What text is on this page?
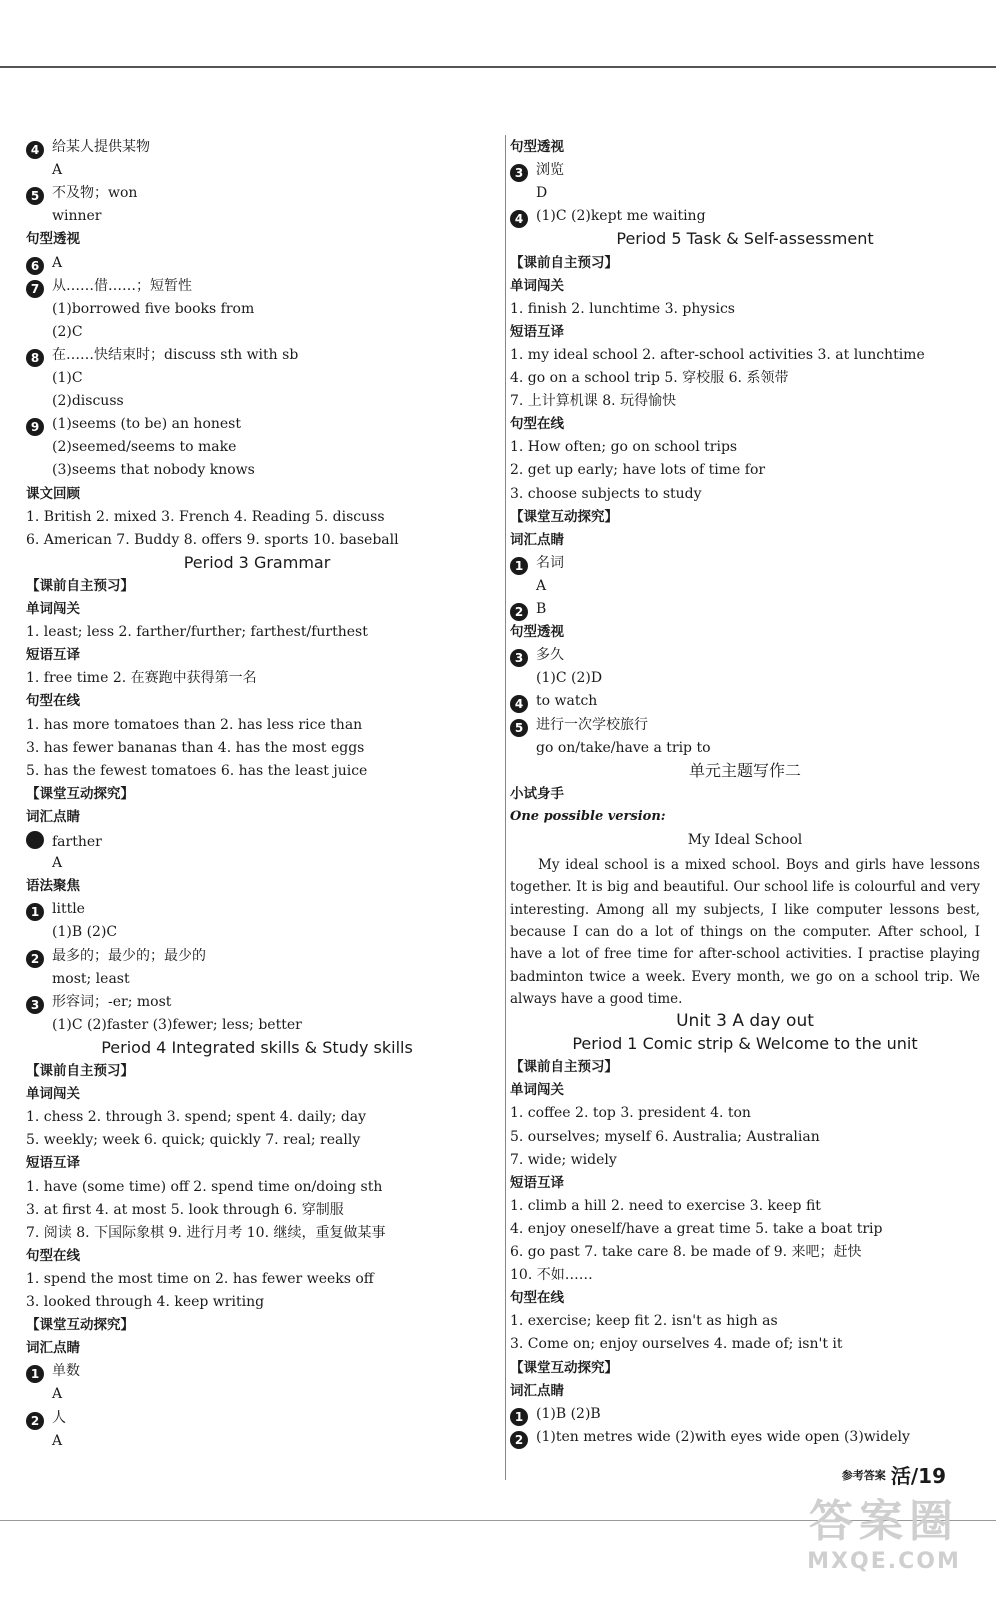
4 给某人提供某物
A
5 不及物；won
winner
句型透视
6 A
7 从……借……；短暂性
(1)borrowed five books from
(2)C
8 在……快结束时；discuss sth with sb
(1)C
(2)discuss
9 (1)seems (to be) an honest
(2)seemed/seems to make
(3)seems that nobody knows
课文回顾
1. British 2. mixed 3. French 4. Reading 5. discuss
6. American 7. Buddy 8. offers 9. sports 10. baseball
Period 3 Grammar
【课前自主预习】
单词闯关
1. least; less 2. farther/further; farthest/furthest
短语互译
1. free time 2. 在赛跑中获得第一名
句型在线
1. has more tomatoes than 2. has less rice than
3. has fewer bananas than 4. has the most eggs
5. has the fewest tomatoes 6. has the least juice
【课堂互动探究】
词汇点睛
farther
A
语法聚焦
1 little
(1)B (2)C
2 最多的；最少的；最少的
most; least
3 形容词；-er; most
(1)C (2)faster (3)fewer; less; better
Period 4 Integrated skills & Study skills
【课前自主预习】
单词闯关
1. chess 2. through 3. spend; spent 4. daily; day
5. weekly; week 6. quick; quickly 7. real; really
短语互译
1. have (some time) off 2. spend time on/doing sth
3. at first 4. at most 5. look through 6. 穿制服
7. 阅读 8. 下国际象棋 9. 进行月考 10. 继续，重复做某事
句型在线
1. spend the most time on 2. has fewer weeks off
3. looked through 4. keep writing
【课堂互动探究】
词汇点睛
1 单数
A
2 人
A
句型透视
3 浏览
D
4 (1)C (2)kept me waiting
Period 5 Task & Self-assessment
【课前自主预习】
单词闯关
1. finish 2. lunchtime 3. physics
短语互译
1. my ideal school 2. after-school activities 3. at lunchtime
4. go on a school trip 5. 穿校服 6. 系领带
7. 上计算机课 8. 玩得愉快
句型在线
1. How often; go on school trips
2. get up early; have lots of time for
3. choose subjects to study
【课堂互动探究】
词汇点睛
1 名词
A
2 B
句型透视
3 多久
(1)C (2)D
4 to watch
5 进行一次学校旅行
go on/take/have a trip to
单元主题写作二
小试身手
One possible version:
My Ideal School
My ideal school is a mixed school. Boys and girls have lessons together. It is big and beautiful. Our school life is colourful and very interesting. Among all my subjects, I like computer lessons best, because I can do a lot of things on the computer. After school, I have a lot of free time for after-school activities. I practise playing badminton twice a week. Every month, we go on a school trip. We always have a good time.
Unit 3 A day out
Period 1 Comic strip & Welcome to the unit
【课前自主预习】
单词闯关
1. coffee 2. top 3. president 4. ton
5. ourselves; myself 6. Australia; Australian
7. wide; widely
短语互译
1. climb a hill 2. need to exercise 3. keep fit
4. enjoy oneself/have a great time 5. take a boat trip
6. go past 7. take care 8. be made of 9. 来吧；赶快
10. 不如……
句型在线
1. exercise; keep fit 2. isn't as high as
3. Come on; enjoy ourselves 4. made of; isn't it
【课堂互动探究】
词汇点睛
1 (1)B (2)B
2 (1)ten metres wide (2)with eyes wide open (3)widely
$^{参考答案}$ 活/19
答案圈
MXQE.COM
